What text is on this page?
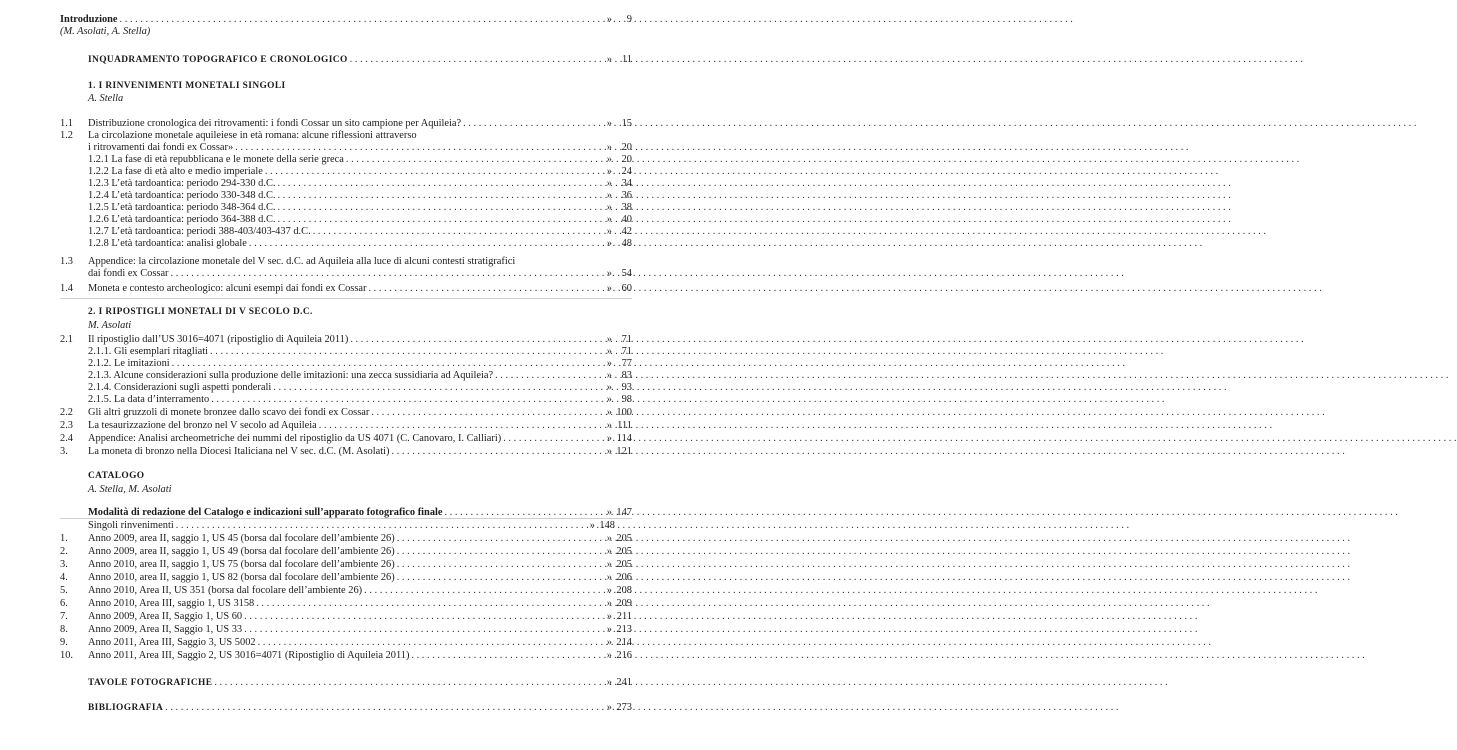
Introduzione . . .	»	9
(M. Asolati, A. Stella)
INQUADRAMENTO TOPOGRAFICO E CRONOLOGICO . . .	» 11
1. I RINVENIMENTI MONETALI SINGOLI
A. Stella
1.1 Distribuzione cronologica dei ritrovamenti: i fondi Cossar un sito campione per Aquileia? . . .	» 15
1.2 La circolazione monetale aquileiese in età romana: alcune riflessioni attraverso
i ritrovamenti dai fondi ex Cossar» . . .	» 20
1.2.1 La fase di età repubblicana e le monete della serie greca . . .	» 20
1.2.2 La fase di età alto e medio imperiale . . .	» 24
1.2.3 L’età tardoantica: periodo 294-330 d.C. . . .	» 34
1.2.4 L’età tardoantica: periodo 330-348 d.C. . . .	» 36
1.2.5 L’età tardoantica: periodo 348-364 d.C. . . .	» 38
1.2.6 L’età tardoantica: periodo 364-388 d.C. . . .	» 40
1.2.7 L’età tardoantica: periodi 388-403/403-437 d.C. . . .	» 42
1.2.8 L’età tardoantica: analisi globale . . .	» 48
1.3 Appendice: la circolazione monetale del V sec. d.C. ad Aquileia alla luce di alcuni contesti stratigrafici
dai fondi ex Cossar . . .	» 54
1.4 Moneta e contesto archeologico: alcuni esempi dai fondi ex Cossar . . .	» 60
2. I RIPOSTIGLI MONETALI DI V SECOLO D.C.
M. Asolati
2.1 Il ripostiglio dall’US 3016=4071 (ripostiglio di Aquileia 2011) . . .	» 71
2.1.1. Gli esemplari ritagliati . . .	» 71
2.1.2. Le imitazioni . . .	» 77
2.1.3. Alcune considerazioni sulla produzione delle imitazioni: una zecca sussidiaria ad Aquileia? . . .	» 83
2.1.4. Considerazioni sugli aspetti ponderali . . .	» 93
2.1.5. La data d’interramento . . .	» 98
2.2 Gli altri gruzzoli di monete bronzee dallo scavo dei fondi ex Cossar . . .	» 100
2.3 La tesaurizzazione del bronzo nel V secolo ad Aquileia . . .	» 111
2.4 Appendice: Analisi archeometriche dei nummi del ripostiglio da US 4071 (C. Canovaro, I. Calliari) . . .	» 114
3. La moneta di bronzo nella Diocesi Italiciana nel V sec. d.C. (M. Asolati) . . .	» 121
CATALOGO
A. Stella, M. Asolati
Modalità di redazione del Catalogo e indicazioni sull’apparato fotografico finale . . .	» 147
Singoli rinvenimenti . . .	» 148
1. Anno 2009, area II, saggio 1, US 45 (borsa dal focolare dell’ambiente 26) . . .	» 205
2. Anno 2009, area II, saggio 1, US 49 (borsa dal focolare dell’ambiente 26) . . .	» 205
3. Anno 2010, area II, saggio 1, US 75 (borsa dal focolare dell’ambiente 26) . . .	» 205
4. Anno 2010, area II, saggio 1, US 82 (borsa dal focolare dell’ambiente 26) . . .	» 206
5. Anno 2010, Area II, US 351 (borsa dal focolare dell’ambiente 26) . . .	» 208
6. Anno 2010, Area III, saggio 1, US 3158 . . .	» 209
7. Anno 2009, Area II, Saggio 1, US 60 . . .	» 211
8. Anno 2009, Area II, Saggio 1, US 33 . . .	» 213
9. Anno 2011, Area III, Saggio 3, US 5002 . . .	» 214
10. Anno 2011, Area III, Saggio 2, US 3016=4071 (Ripostiglio di Aquileia 2011) . . .	» 216
TAVOLE FOTOGRAFICHE . . .	» 241
BIBLIOGRAFIA . . .	» 273
